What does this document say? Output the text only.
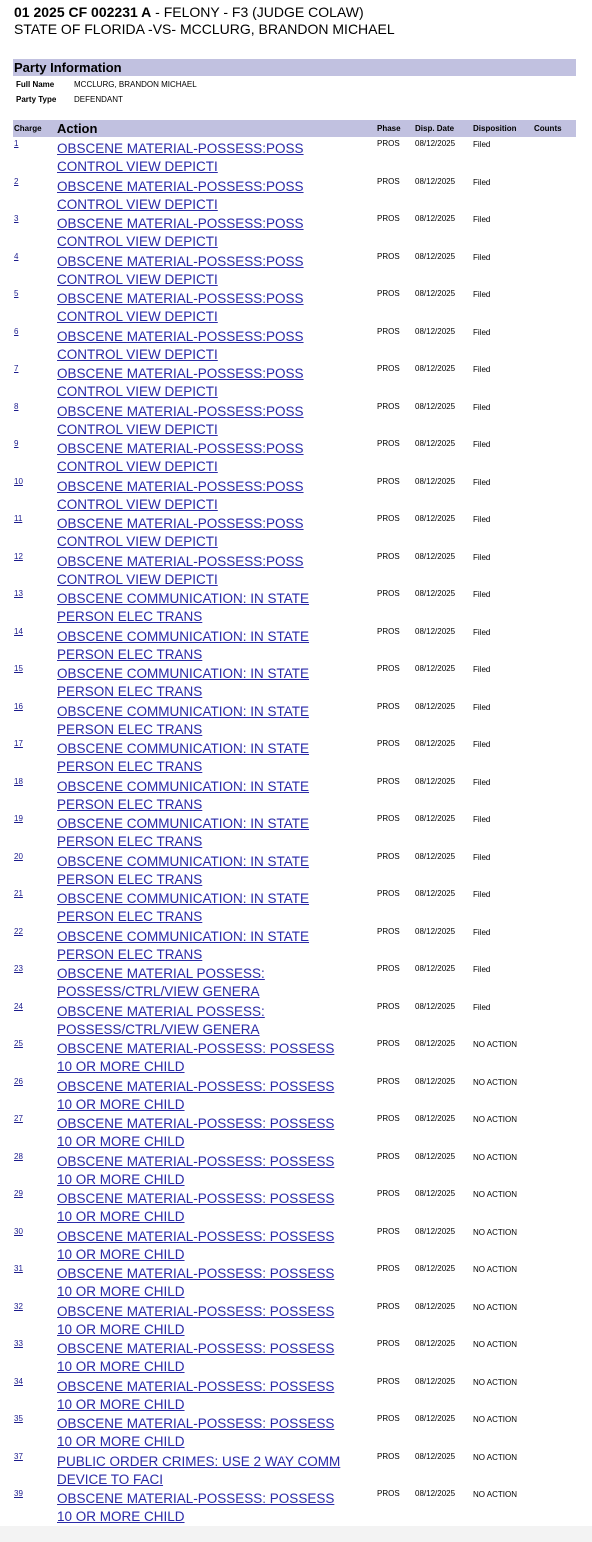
01 2025 CF 002231 A - FELONY - F3 (JUDGE COLAW)
STATE OF FLORIDA -VS- MCCLURG, BRANDON MICHAEL
Party Information
Full Name MCCLURG, BRANDON MICHAEL
Party Type DEFENDANT
Charge Action	Phase Disp. Date Disposition Counts
1	OBSCENE MATERIAL-POSSESS:POSS
CONTROL VIEW DEPICTI
PROS 08/12/2025 Filed
2	OBSCENE MATERIAL-POSSESS:POSS
CONTROL VIEW DEPICTI
PROS 08/12/2025 Filed
3	OBSCENE MATERIAL-POSSESS:POSS
CONTROL VIEW DEPICTI
PROS 08/12/2025 Filed
4	OBSCENE MATERIAL-POSSESS:POSS
CONTROL VIEW DEPICTI
PROS 08/12/2025 Filed
5	OBSCENE MATERIAL-POSSESS:POSS
CONTROL VIEW DEPICTI
PROS 08/12/2025 Filed
6	OBSCENE MATERIAL-POSSESS:POSS
CONTROL VIEW DEPICTI
PROS 08/12/2025 Filed
7	OBSCENE MATERIAL-POSSESS:POSS
CONTROL VIEW DEPICTI
PROS 08/12/2025 Filed
8	OBSCENE MATERIAL-POSSESS:POSS
CONTROL VIEW DEPICTI
PROS 08/12/2025 Filed
9	OBSCENE MATERIAL-POSSESS:POSS
CONTROL VIEW DEPICTI
PROS 08/12/2025 Filed
10	OBSCENE MATERIAL-POSSESS:POSS
CONTROL VIEW DEPICTI
PROS 08/12/2025 Filed
11	OBSCENE MATERIAL-POSSESS:POSS
CONTROL VIEW DEPICTI
PROS 08/12/2025 Filed
12	OBSCENE MATERIAL-POSSESS:POSS
CONTROL VIEW DEPICTI
PROS 08/12/2025 Filed
13	OBSCENE COMMUNICATION: IN STATE
PERSON ELEC TRANS
PROS 08/12/2025 Filed
14	OBSCENE COMMUNICATION: IN STATE
PERSON ELEC TRANS
PROS 08/12/2025 Filed
15	OBSCENE COMMUNICATION: IN STATE
PERSON ELEC TRANS
PROS 08/12/2025 Filed
16	OBSCENE COMMUNICATION: IN STATE
PERSON ELEC TRANS
PROS 08/12/2025 Filed
17	OBSCENE COMMUNICATION: IN STATE
PERSON ELEC TRANS
PROS 08/12/2025 Filed
18	OBSCENE COMMUNICATION: IN STATE
PERSON ELEC TRANS
PROS 08/12/2025 Filed
19	OBSCENE COMMUNICATION: IN STATE
PERSON ELEC TRANS
PROS 08/12/2025 Filed
20	OBSCENE COMMUNICATION: IN STATE
PERSON ELEC TRANS
PROS 08/12/2025 Filed
21	OBSCENE COMMUNICATION: IN STATE
PERSON ELEC TRANS
PROS 08/12/2025 Filed
22	OBSCENE COMMUNICATION: IN STATE
PERSON ELEC TRANS
PROS 08/12/2025 Filed
23	OBSCENE MATERIAL POSSESS:
POSSESS/CTRL/VIEW GENERA
PROS 08/12/2025 Filed
24	OBSCENE MATERIAL POSSESS:
POSSESS/CTRL/VIEW GENERA
PROS 08/12/2025 Filed
25	OBSCENE MATERIAL-POSSESS: POSSESS
10 OR MORE CHILD
PROS 08/12/2025 NO ACTION
26	OBSCENE MATERIAL-POSSESS: POSSESS
10 OR MORE CHILD
PROS 08/12/2025 NO ACTION
27	OBSCENE MATERIAL-POSSESS: POSSESS
10 OR MORE CHILD
PROS 08/12/2025 NO ACTION
28	OBSCENE MATERIAL-POSSESS: POSSESS
10 OR MORE CHILD
PROS 08/12/2025 NO ACTION
29	OBSCENE MATERIAL-POSSESS: POSSESS
10 OR MORE CHILD
PROS 08/12/2025 NO ACTION
30	OBSCENE MATERIAL-POSSESS: POSSESS
10 OR MORE CHILD
PROS 08/12/2025 NO ACTION
31	OBSCENE MATERIAL-POSSESS: POSSESS
10 OR MORE CHILD
PROS 08/12/2025 NO ACTION
32	OBSCENE MATERIAL-POSSESS: POSSESS
10 OR MORE CHILD
PROS 08/12/2025 NO ACTION
33	OBSCENE MATERIAL-POSSESS: POSSESS
10 OR MORE CHILD
PROS 08/12/2025 NO ACTION
34	OBSCENE MATERIAL-POSSESS: POSSESS
10 OR MORE CHILD
PROS 08/12/2025 NO ACTION
35	OBSCENE MATERIAL-POSSESS: POSSESS
10 OR MORE CHILD
PROS 08/12/2025 NO ACTION
37	PUBLIC ORDER CRIMES: USE 2 WAY COMM
DEVICE TO FACI
PROS 08/12/2025 NO ACTION
39	OBSCENE MATERIAL-POSSESS: POSSESS
10 OR MORE CHILD
PROS 08/12/2025 NO ACTION
